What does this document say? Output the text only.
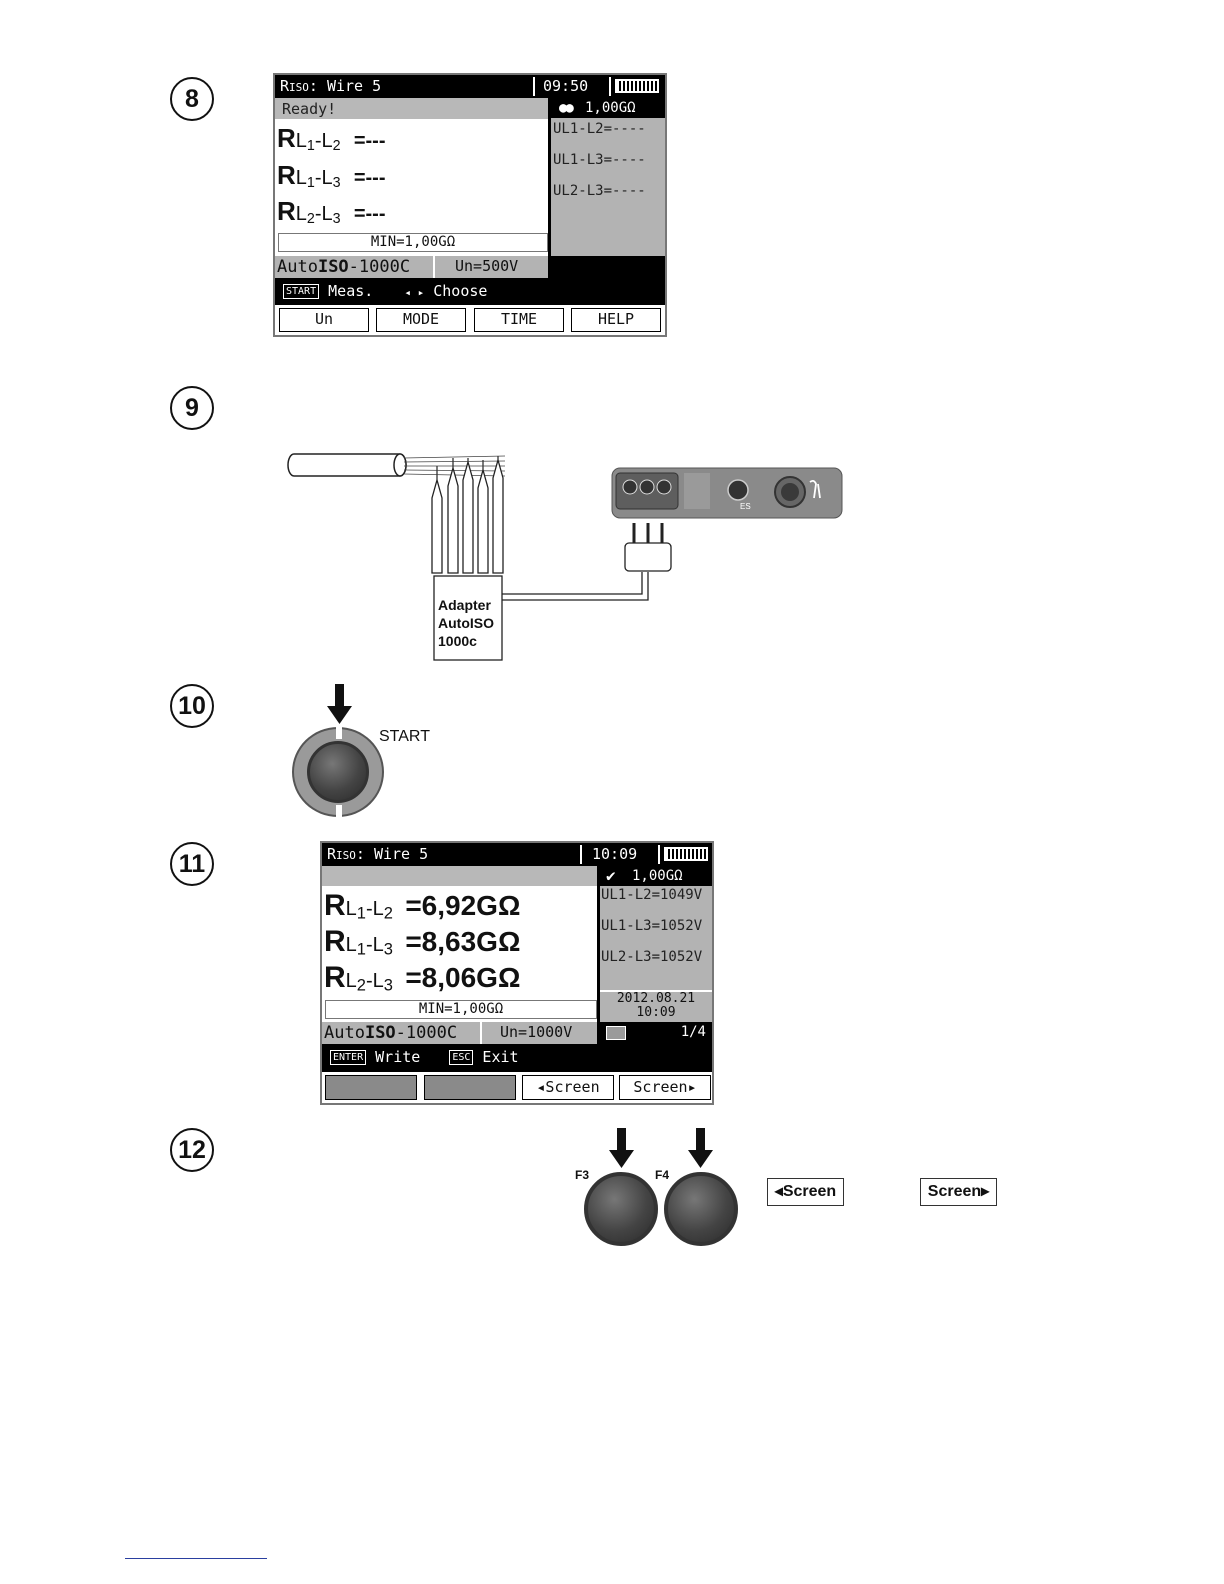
8
9
10
11
12
RISO: Wire 5	09:50
Ready!
$RL_1-L_2$ =---
$RL_1-L_3$ =---
$RL_2-L_3$ =---
MIN=1,00GΩ
●● 1,00GΩ
UL1-L2=----
UL1-L3=----
UL2-L3=----
AutoISO-1000C	Un=500V
START Meas.	◂ ▸ Choose
Un	MODE	TIME	HELP
ES
Adapter
AutoISO
1000c
START
RISO: Wire 5	10:09
$RL_1-L_2 =6,92G\Omega$
$RL_1-L_3 =8,63G\Omega$
$RL_2-L_3 =8,06G\Omega$
MIN=1,00GΩ
✔ 1,00GΩ
UL1-L2=1049V
UL1-L3=1052V
UL2-L3=1052V
2012.08.21
10:09
AutoISO-1000C	Un=1000V	1/4
ENTER Write	ESC Exit
◂Screen	Screen▸
F3	F4
◂Screen	Screen▸
